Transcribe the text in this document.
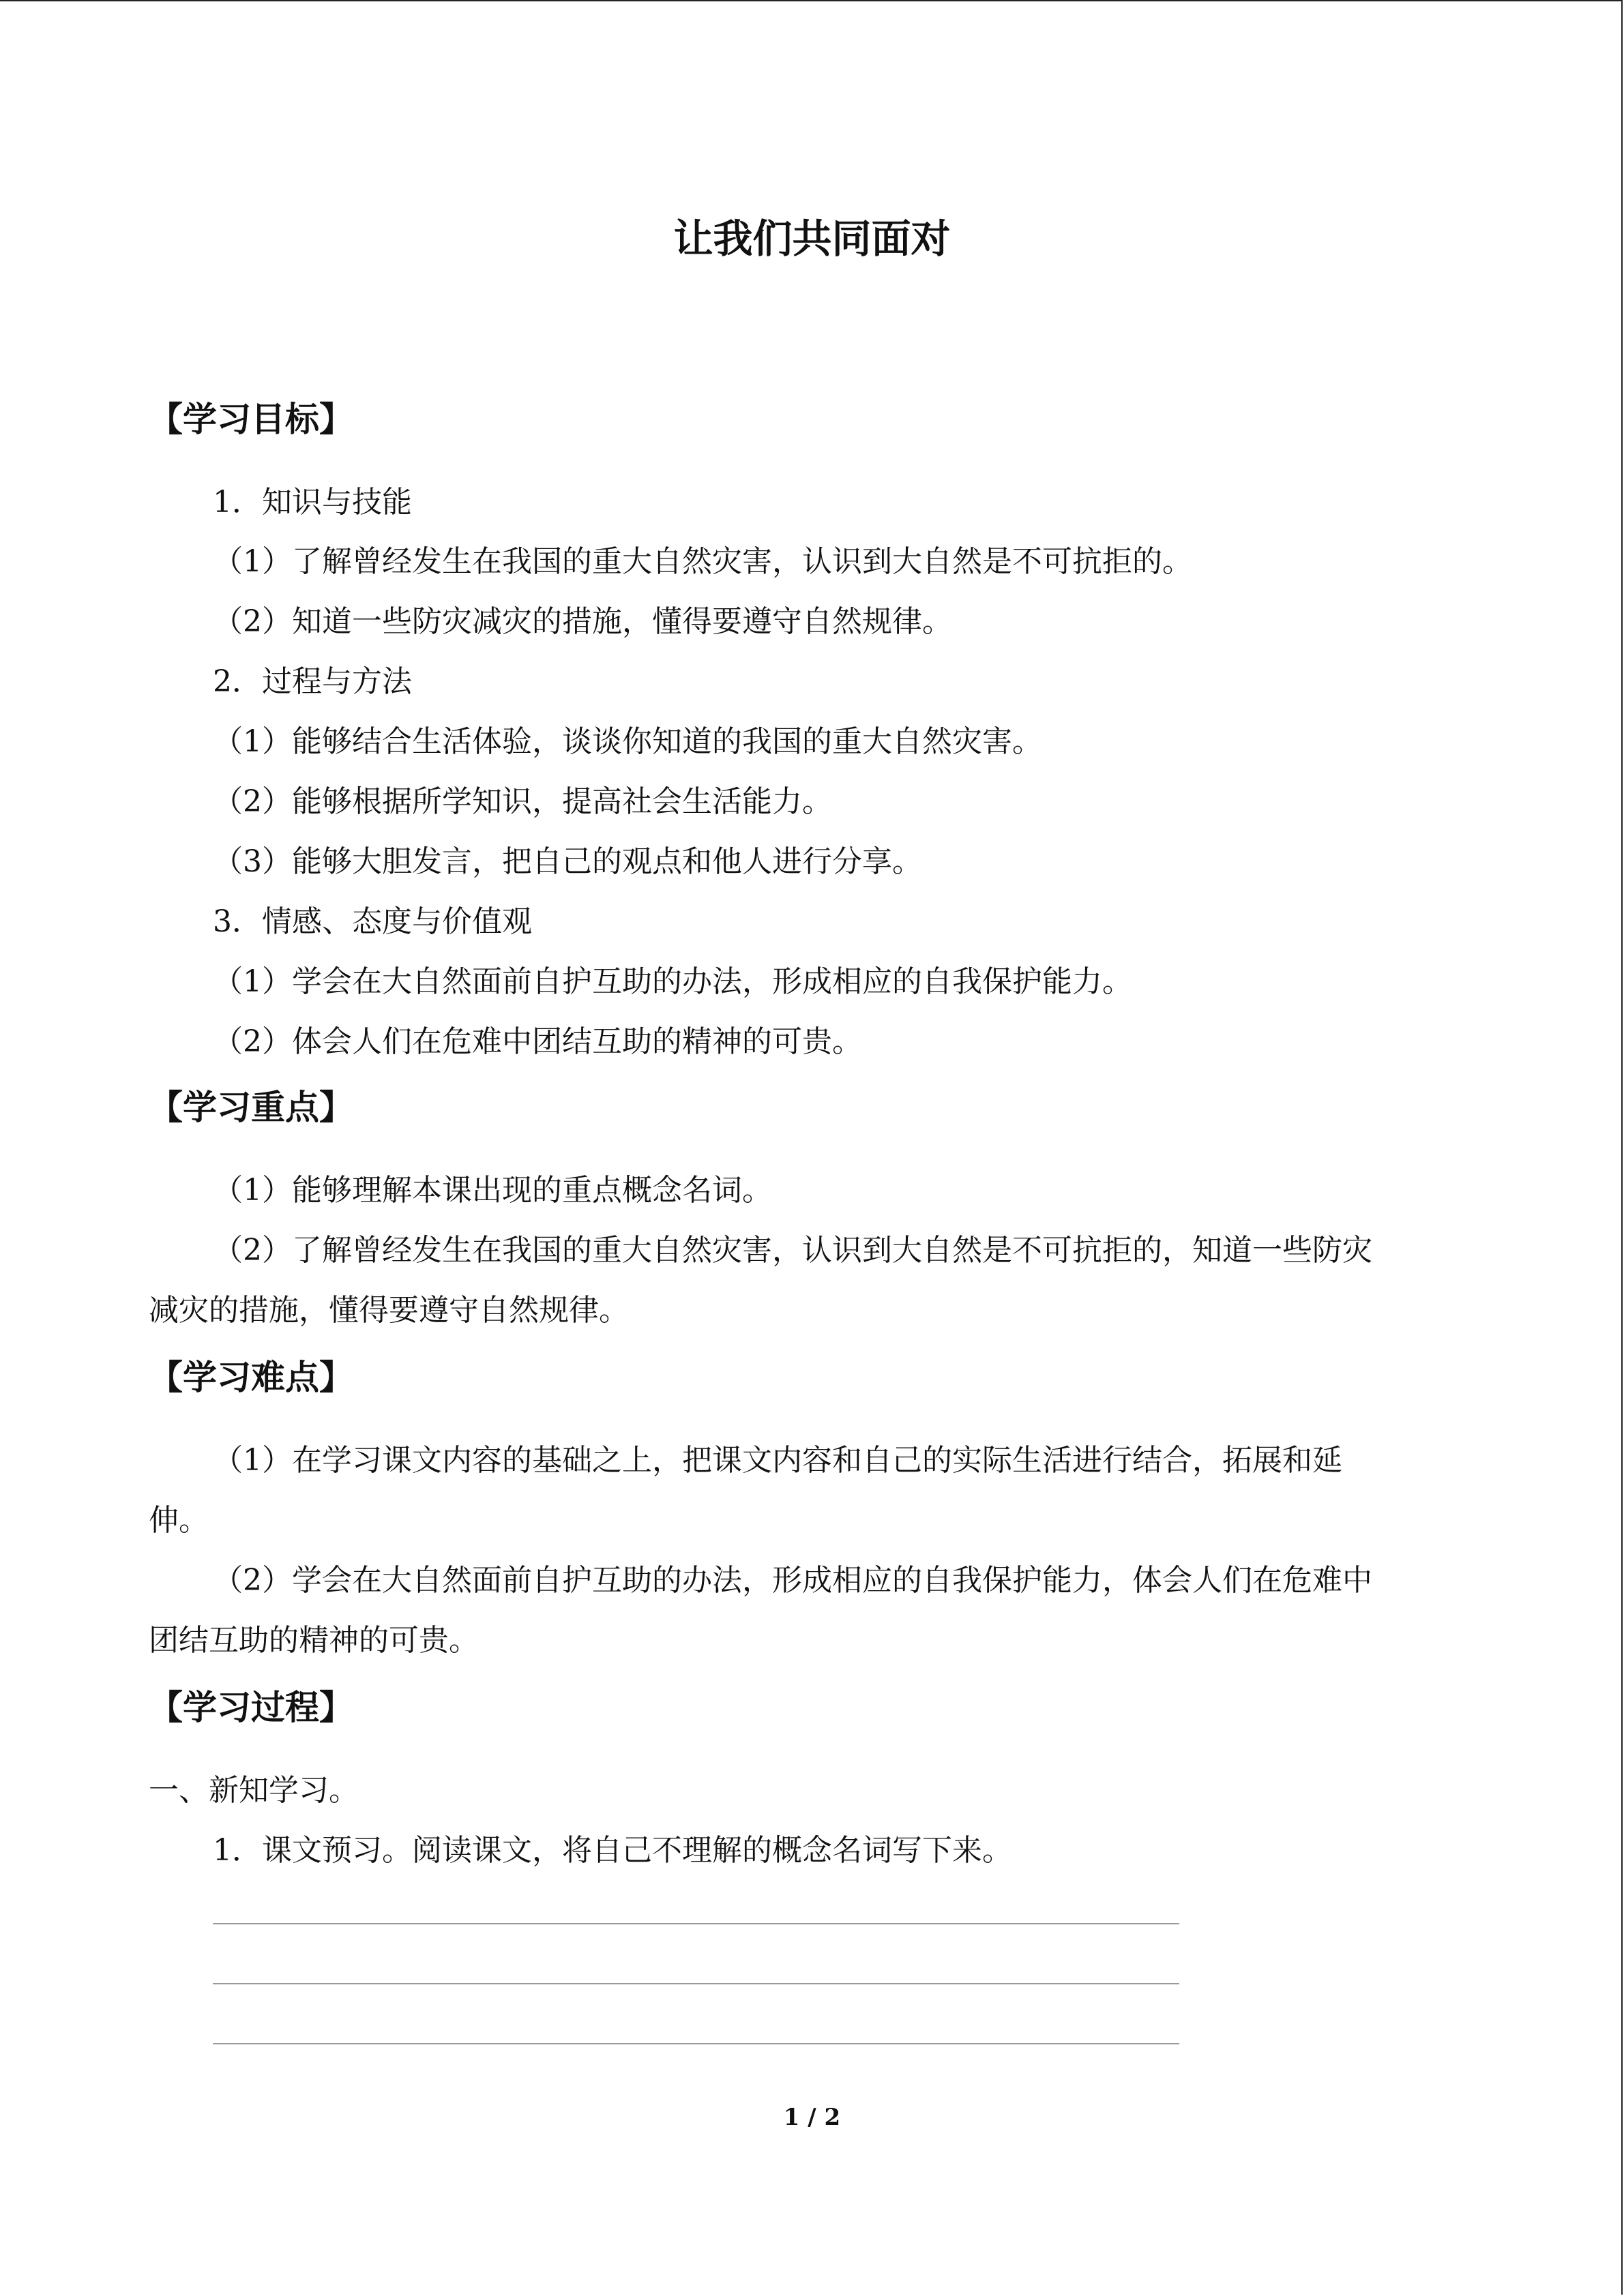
让我们共同面对
【学习目标】
1．知识与技能
（1）了解曾经发生在我国的重大自然灾害，认识到大自然是不可抗拒的。
（2）知道一些防灾减灾的措施，懂得要遵守自然规律。
2．过程与方法
（1）能够结合生活体验，谈谈你知道的我国的重大自然灾害。
（2）能够根据所学知识，提高社会生活能力。
（3）能够大胆发言，把自己的观点和他人进行分享。
3．情感、态度与价值观
（1）学会在大自然面前自护互助的办法，形成相应的自我保护能力。
（2）体会人们在危难中团结互助的精神的可贵。
【学习重点】
（1）能够理解本课出现的重点概念名词。
（2）了解曾经发生在我国的重大自然灾害，认识到大自然是不可抗拒的，知道一些防灾
减灾的措施，懂得要遵守自然规律。
【学习难点】
（1）在学习课文内容的基础之上，把课文内容和自己的实际生活进行结合，拓展和延
伸。
（2）学会在大自然面前自护互助的办法，形成相应的自我保护能力，体会人们在危难中
团结互助的精神的可贵。
【学习过程】
一、新知学习。
1．课文预习。阅读课文，将自己不理解的概念名词写下来。
1 / 2
